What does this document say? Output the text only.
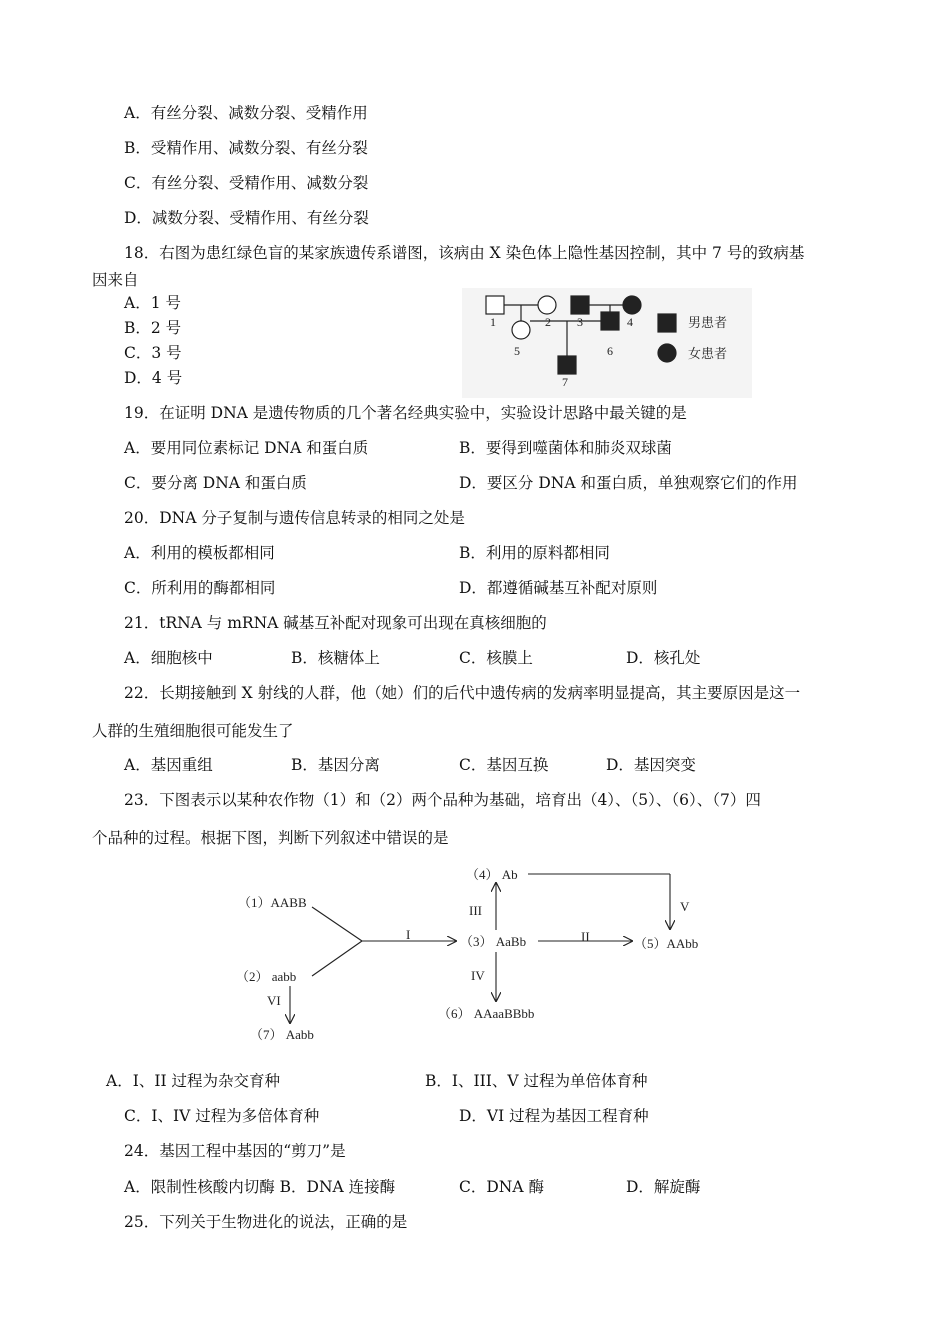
A．有丝分裂、减数分裂、受精作用
B．受精作用、减数分裂、有丝分裂
C．有丝分裂、受精作用、减数分裂
D．减数分裂、受精作用、有丝分裂
18．右图为患红绿色盲的某家族遗传系谱图，该病由 X 染色体上隐性基因控制，其中 7 号的致病基
因来自
A．1 号
B．2 号
C．3 号
D．4 号
1	2 3	4
5	6
7
男患者
女患者
19．在证明 DNA 是遗传物质的几个著名经典实验中，实验设计思路中最关键的是
A．要用同位素标记 DNA 和蛋白质	B．要得到噬菌体和肺炎双球菌
C．要分离 DNA 和蛋白质	D．要区分 DNA 和蛋白质，单独观察它们的作用
20．DNA 分子复制与遗传信息转录的相同之处是
A．利用的模板都相同	B．利用的原料都相同
C．所利用的酶都相同	D．都遵循碱基互补配对原则
21．tRNA 与 mRNA 碱基互补配对现象可出现在真核细胞的
A．细胞核中	B．核糖体上	C．核膜上	D．核孔处
22．长期接触到 X 射线的人群，他（她）们的后代中遗传病的发病率明显提高，其主要原因是这一
人群的生殖细胞很可能发生了
A．基因重组	B．基因分离	C．基因互换	D．基因突变
23．下图表示以某种农作物（1）和（2）两个品种为基础，培育出（4）、（5）、（6）、（7）四
个品种的过程。根据下图，判断下列叙述中错误的是
（1）AABB
（2） aabb
（3） AaBb
（4） Ab
（5）AAbb
（6） AAaaBBbb
（7） Aabb
I	II
III
IV
V
VI
A．I、II 过程为杂交育种	B．I、III、V 过程为单倍体育种
C．I、IV 过程为多倍体育种	D．VI 过程为基因工程育种
24．基因工程中基因的“剪刀”是
A．限制性核酸内切酶 B．DNA 连接酶	C．DNA 酶	D．解旋酶
25．下列关于生物进化的说法，正确的是
